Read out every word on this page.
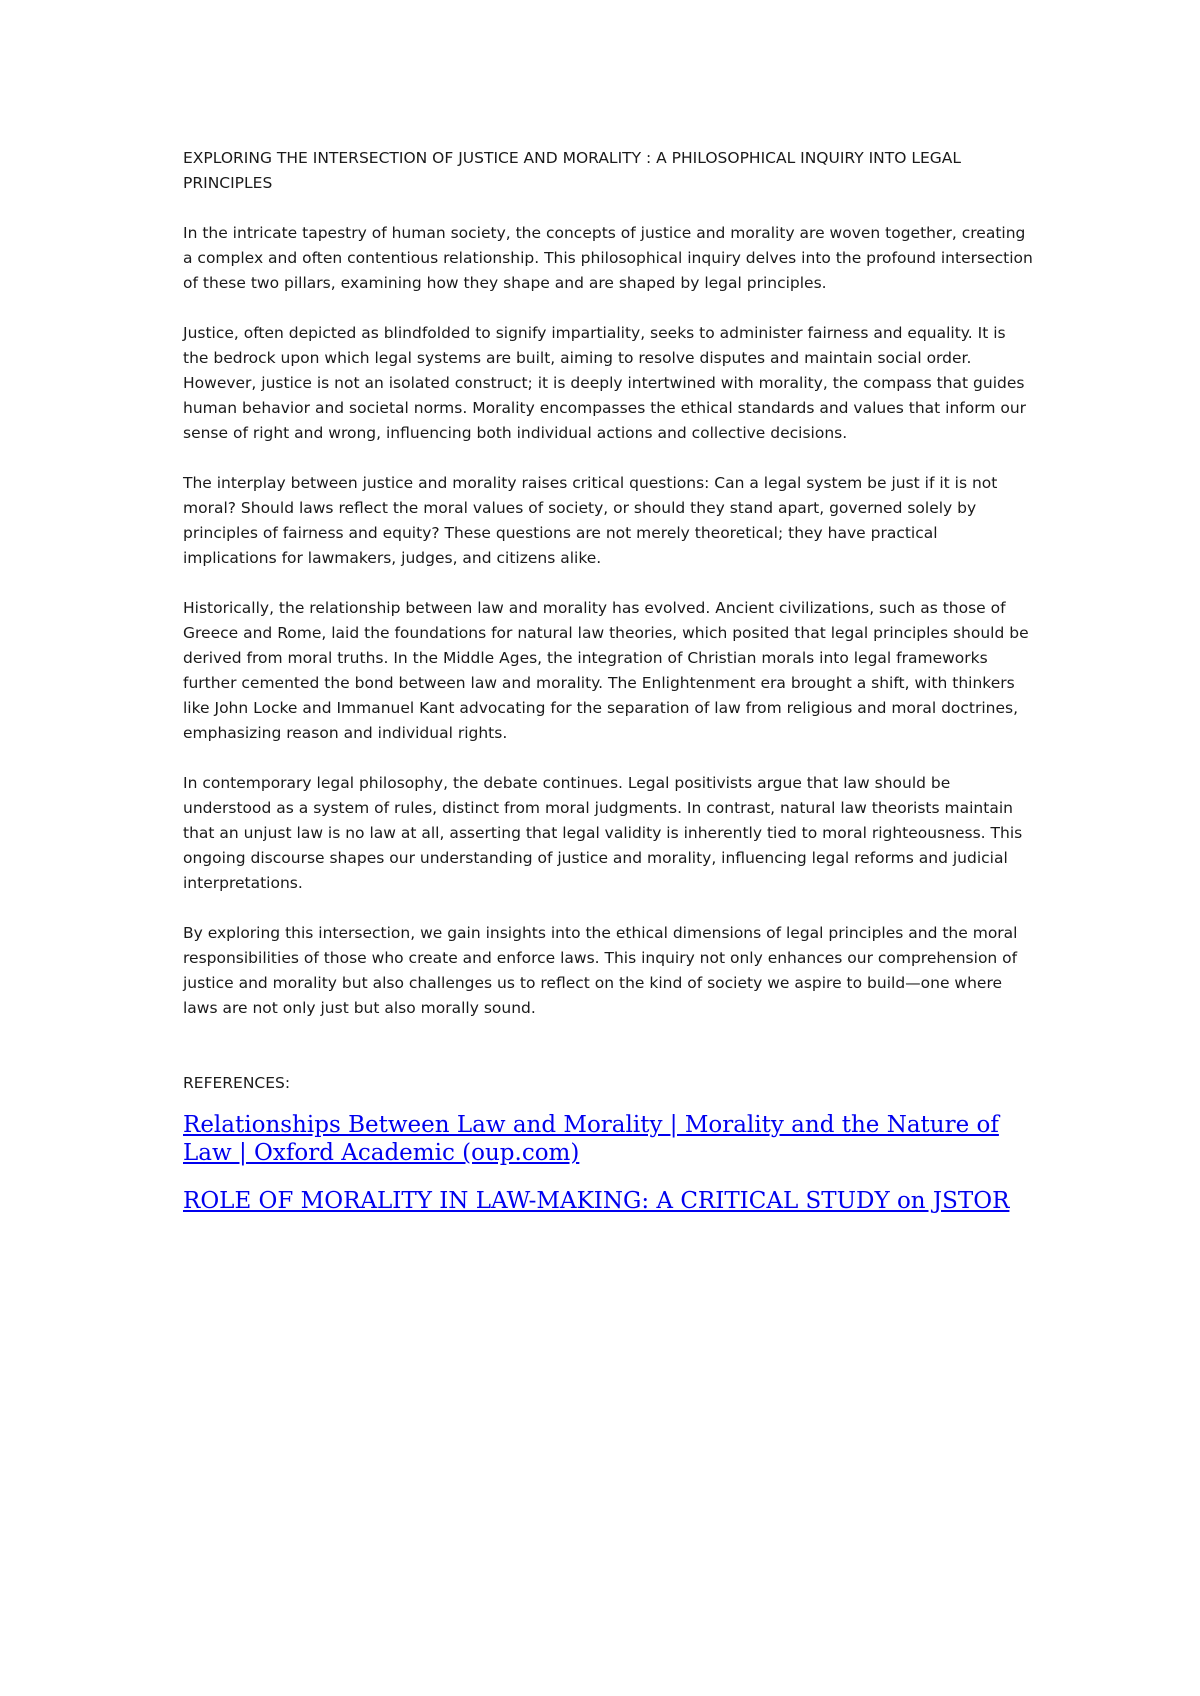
EXPLORING THE INTERSECTION OF JUSTICE AND MORALITY : A PHILOSOPHICAL INQUIRY INTO LEGAL PRINCIPLES

In the intricate tapestry of human society, the concepts of justice and morality are woven together, creating a complex and often contentious relationship. This philosophical inquiry delves into the profound intersection of these two pillars, examining how they shape and are shaped by legal principles.

Justice, often depicted as blindfolded to signify impartiality, seeks to administer fairness and equality. It is the bedrock upon which legal systems are built, aiming to resolve disputes and maintain social order. However, justice is not an isolated construct; it is deeply intertwined with morality, the compass that guides human behavior and societal norms. Morality encompasses the ethical standards and values that inform our sense of right and wrong, influencing both individual actions and collective decisions.

The interplay between justice and morality raises critical questions: Can a legal system be just if it is not moral? Should laws reflect the moral values of society, or should they stand apart, governed solely by principles of fairness and equity? These questions are not merely theoretical; they have practical implications for lawmakers, judges, and citizens alike.

Historically, the relationship between law and morality has evolved. Ancient civilizations, such as those of Greece and Rome, laid the foundations for natural law theories, which posited that legal principles should be derived from moral truths. In the Middle Ages, the integration of Christian morals into legal frameworks further cemented the bond between law and morality. The Enlightenment era brought a shift, with thinkers like John Locke and Immanuel Kant advocating for the separation of law from religious and moral doctrines, emphasizing reason and individual rights.

In contemporary legal philosophy, the debate continues. Legal positivists argue that law should be understood as a system of rules, distinct from moral judgments. In contrast, natural law theorists maintain that an unjust law is no law at all, asserting that legal validity is inherently tied to moral righteousness. This ongoing discourse shapes our understanding of justice and morality, influencing legal reforms and judicial interpretations.

By exploring this intersection, we gain insights into the ethical dimensions of legal principles and the moral responsibilities of those who create and enforce laws. This inquiry not only enhances our comprehension of justice and morality but also challenges us to reflect on the kind of society we aspire to build—one where laws are not only just but also morally sound.

REFERENCES:

Relationships Between Law and Morality | Morality and the Nature of Law | Oxford Academic (oup.com)
ROLE OF MORALITY IN LAW-MAKING: A CRITICAL STUDY on JSTOR
